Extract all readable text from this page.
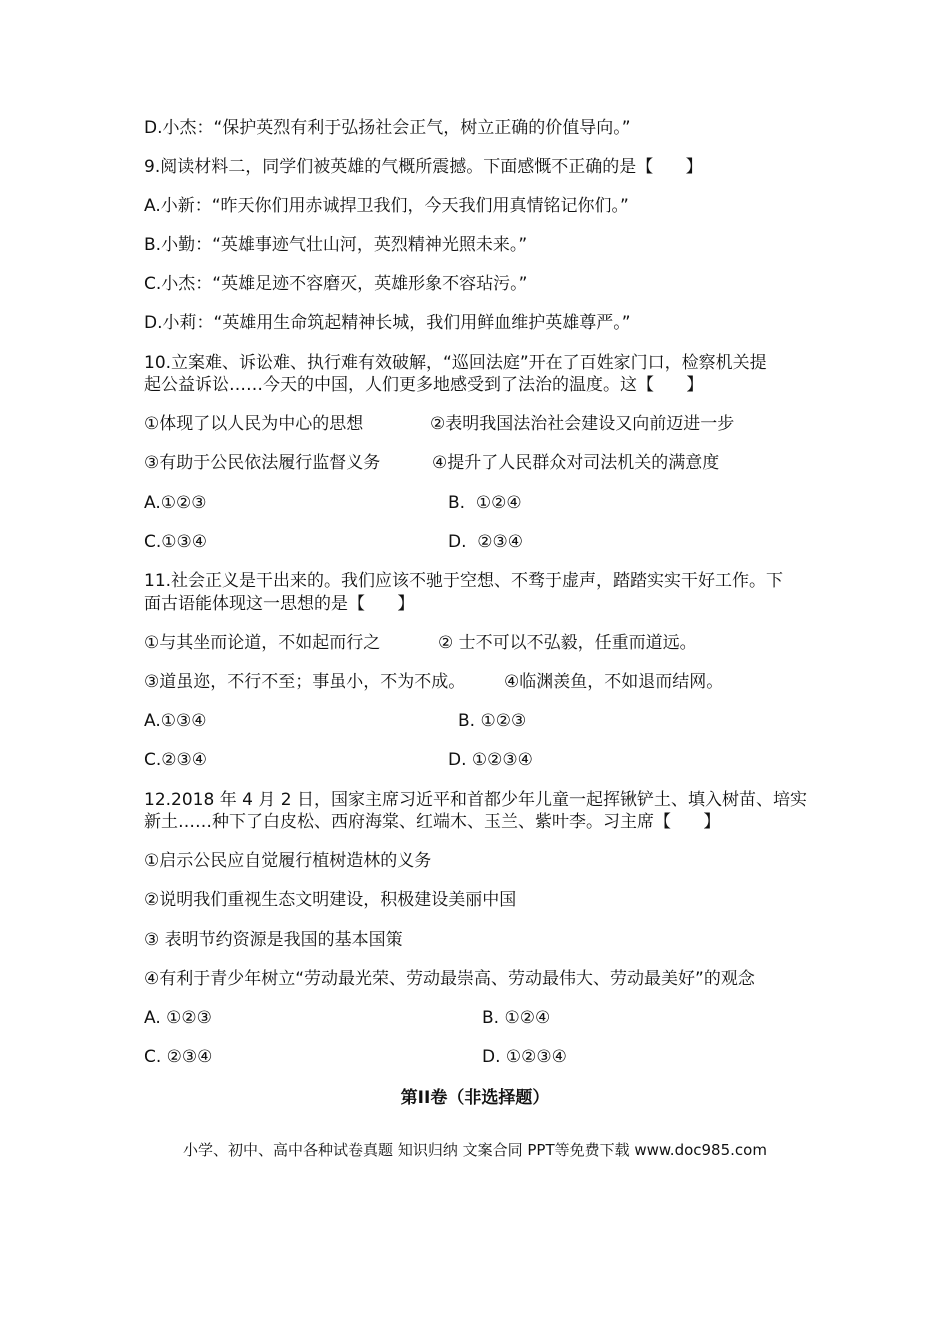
D.小杰：“保护英烈有利于弘扬社会正气，树立正确的价值导向。”
9.阅读材料二，同学们被英雄的气概所震撼。下面感慨不正确的是【      】
A.小新：“昨天你们用赤诚捍卫我们，今天我们用真情铭记你们。”
B.小勤：“英雄事迹气壮山河，英烈精神光照未来。”
C.小杰：“英雄足迹不容磨灭，英雄形象不容玷污。”
D.小莉：“英雄用生命筑起精神长城，我们用鲜血维护英雄尊严。”
10.立案难、诉讼难、执行难有效破解，“巡回法庭”开在了百姓家门口，检察机关提
起公益诉讼……今天的中国，人们更多地感受到了法治的温度。这【      】
①体现了以人民为中心的思想	②表明我国法治社会建设又向前迈进一步
③有助于公民依法履行监督义务	④提升了人民群众对司法机关的满意度
A.①②③	B.  ①②④
C.①③④	D.  ②③④
11.社会正义是干出来的。我们应该不驰于空想、不骛于虚声，踏踏实实干好工作。下
面古语能体现这一思想的是【      】
①与其坐而论道，不如起而行之	② 士不可以不弘毅，任重而道远。
③道虽迩，不行不至；事虽小，不为不成。 ④临渊羡鱼，不如退而结网。
A.①③④	B. ①②③
C.②③④	D. ①②③④
12.2018 年 4 月 2 日，国家主席习近平和首都少年儿童一起挥锹铲土、填入树苗、培实
新土……种下了白皮松、西府海棠、红端木、玉兰、紫叶李。习主席【      】
①启示公民应自觉履行植树造林的义务
②说明我们重视生态文明建设，积极建设美丽中国
③ 表明节约资源是我国的基本国策
④有利于青少年树立“劳动最光荣、劳动最崇高、劳动最伟大、劳动最美好”的观念
A. ①②③	B. ①②④
C. ②③④	D. ①②③④
第II卷（非选择题）
小学、初中、高中各种试卷真题 知识归纳 文案合同 PPT等免费下载 www.doc985.com
